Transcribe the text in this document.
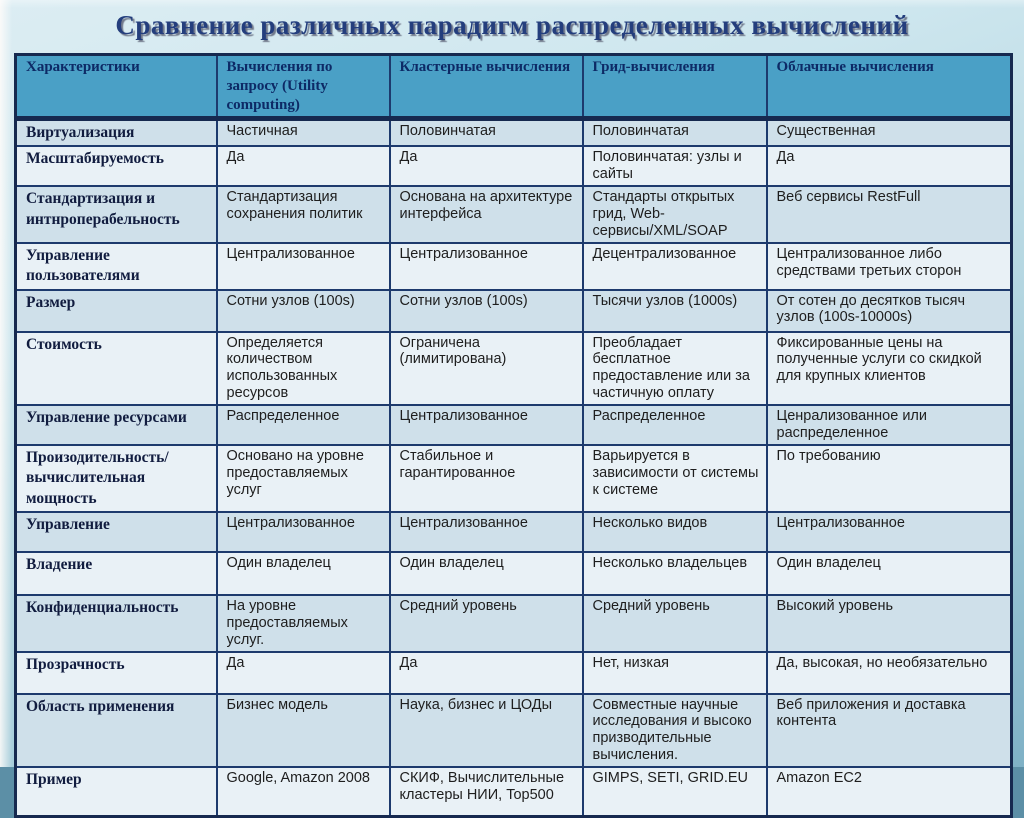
Сравнение различных парадигм распределенных вычислений
Характеристики	Вычисления по запросу (Utility computing)	Кластерные вычисления	Грид-вычисления	Облачные вычисления
Виртуализация	Частичная	Половинчатая	Половинчатая	Существенная
Масштабируемость	Да	Да	Половинчатая: узлы и сайты	Да
Стандартизация и интнроперабельность	Стандартизация сохранения политик	Основана на архитектуре интерфейса	Стандарты открытых грид, Web-сервисы/XML/SOAP	Веб сервисы RestFull
Управление пользователями	Централизованное	Централизованное	Децентрализованное	Централизованное либо средствами третьих сторон
Размер	Сотни узлов (100s)	Сотни узлов (100s)	Тысячи узлов (1000s)	От сотен до десятков тысяч узлов (100s-10000s)
Стоимость	Определяется количеством использованных ресурсов	Ограничена (лимитирована)	Преобладает бесплатное предоставление или за частичную оплату	Фиксированные цены на полученные услуги со скидкой для крупных клиентов
Управление ресурсами	Распределенное	Централизованное	Распределенное	Ценрализованное или распределенное
Произодительность/вычислительная мощность	Основано на уровне предоставляемых услуг	Стабильное и гарантированное	Варьируется в зависимости от системы к системе	По требованию
Управление	Централизованное	Централизованное	Несколько видов	Централизованное
Владение	Один владелец	Один владелец	Несколько владельцев	Один владелец
Конфиденциальность	На уровне предоставляемых услуг.	Средний уровень	Средний уровень	Высокий уровень
Прозрачность	Да	Да	Нет, низкая	Да, высокая, но необязательно
Область применения	Бизнес модель	Наука, бизнес и ЦОДы	Совместные научные исследования и высоко призводительные вычисления.	Веб приложения и доставка контента
Пример	Google, Amazon 2008	СКИФ, Вычислительные кластеры НИИ, Top500	GIMPS, SETI, GRID.EU	Amazon EC2
